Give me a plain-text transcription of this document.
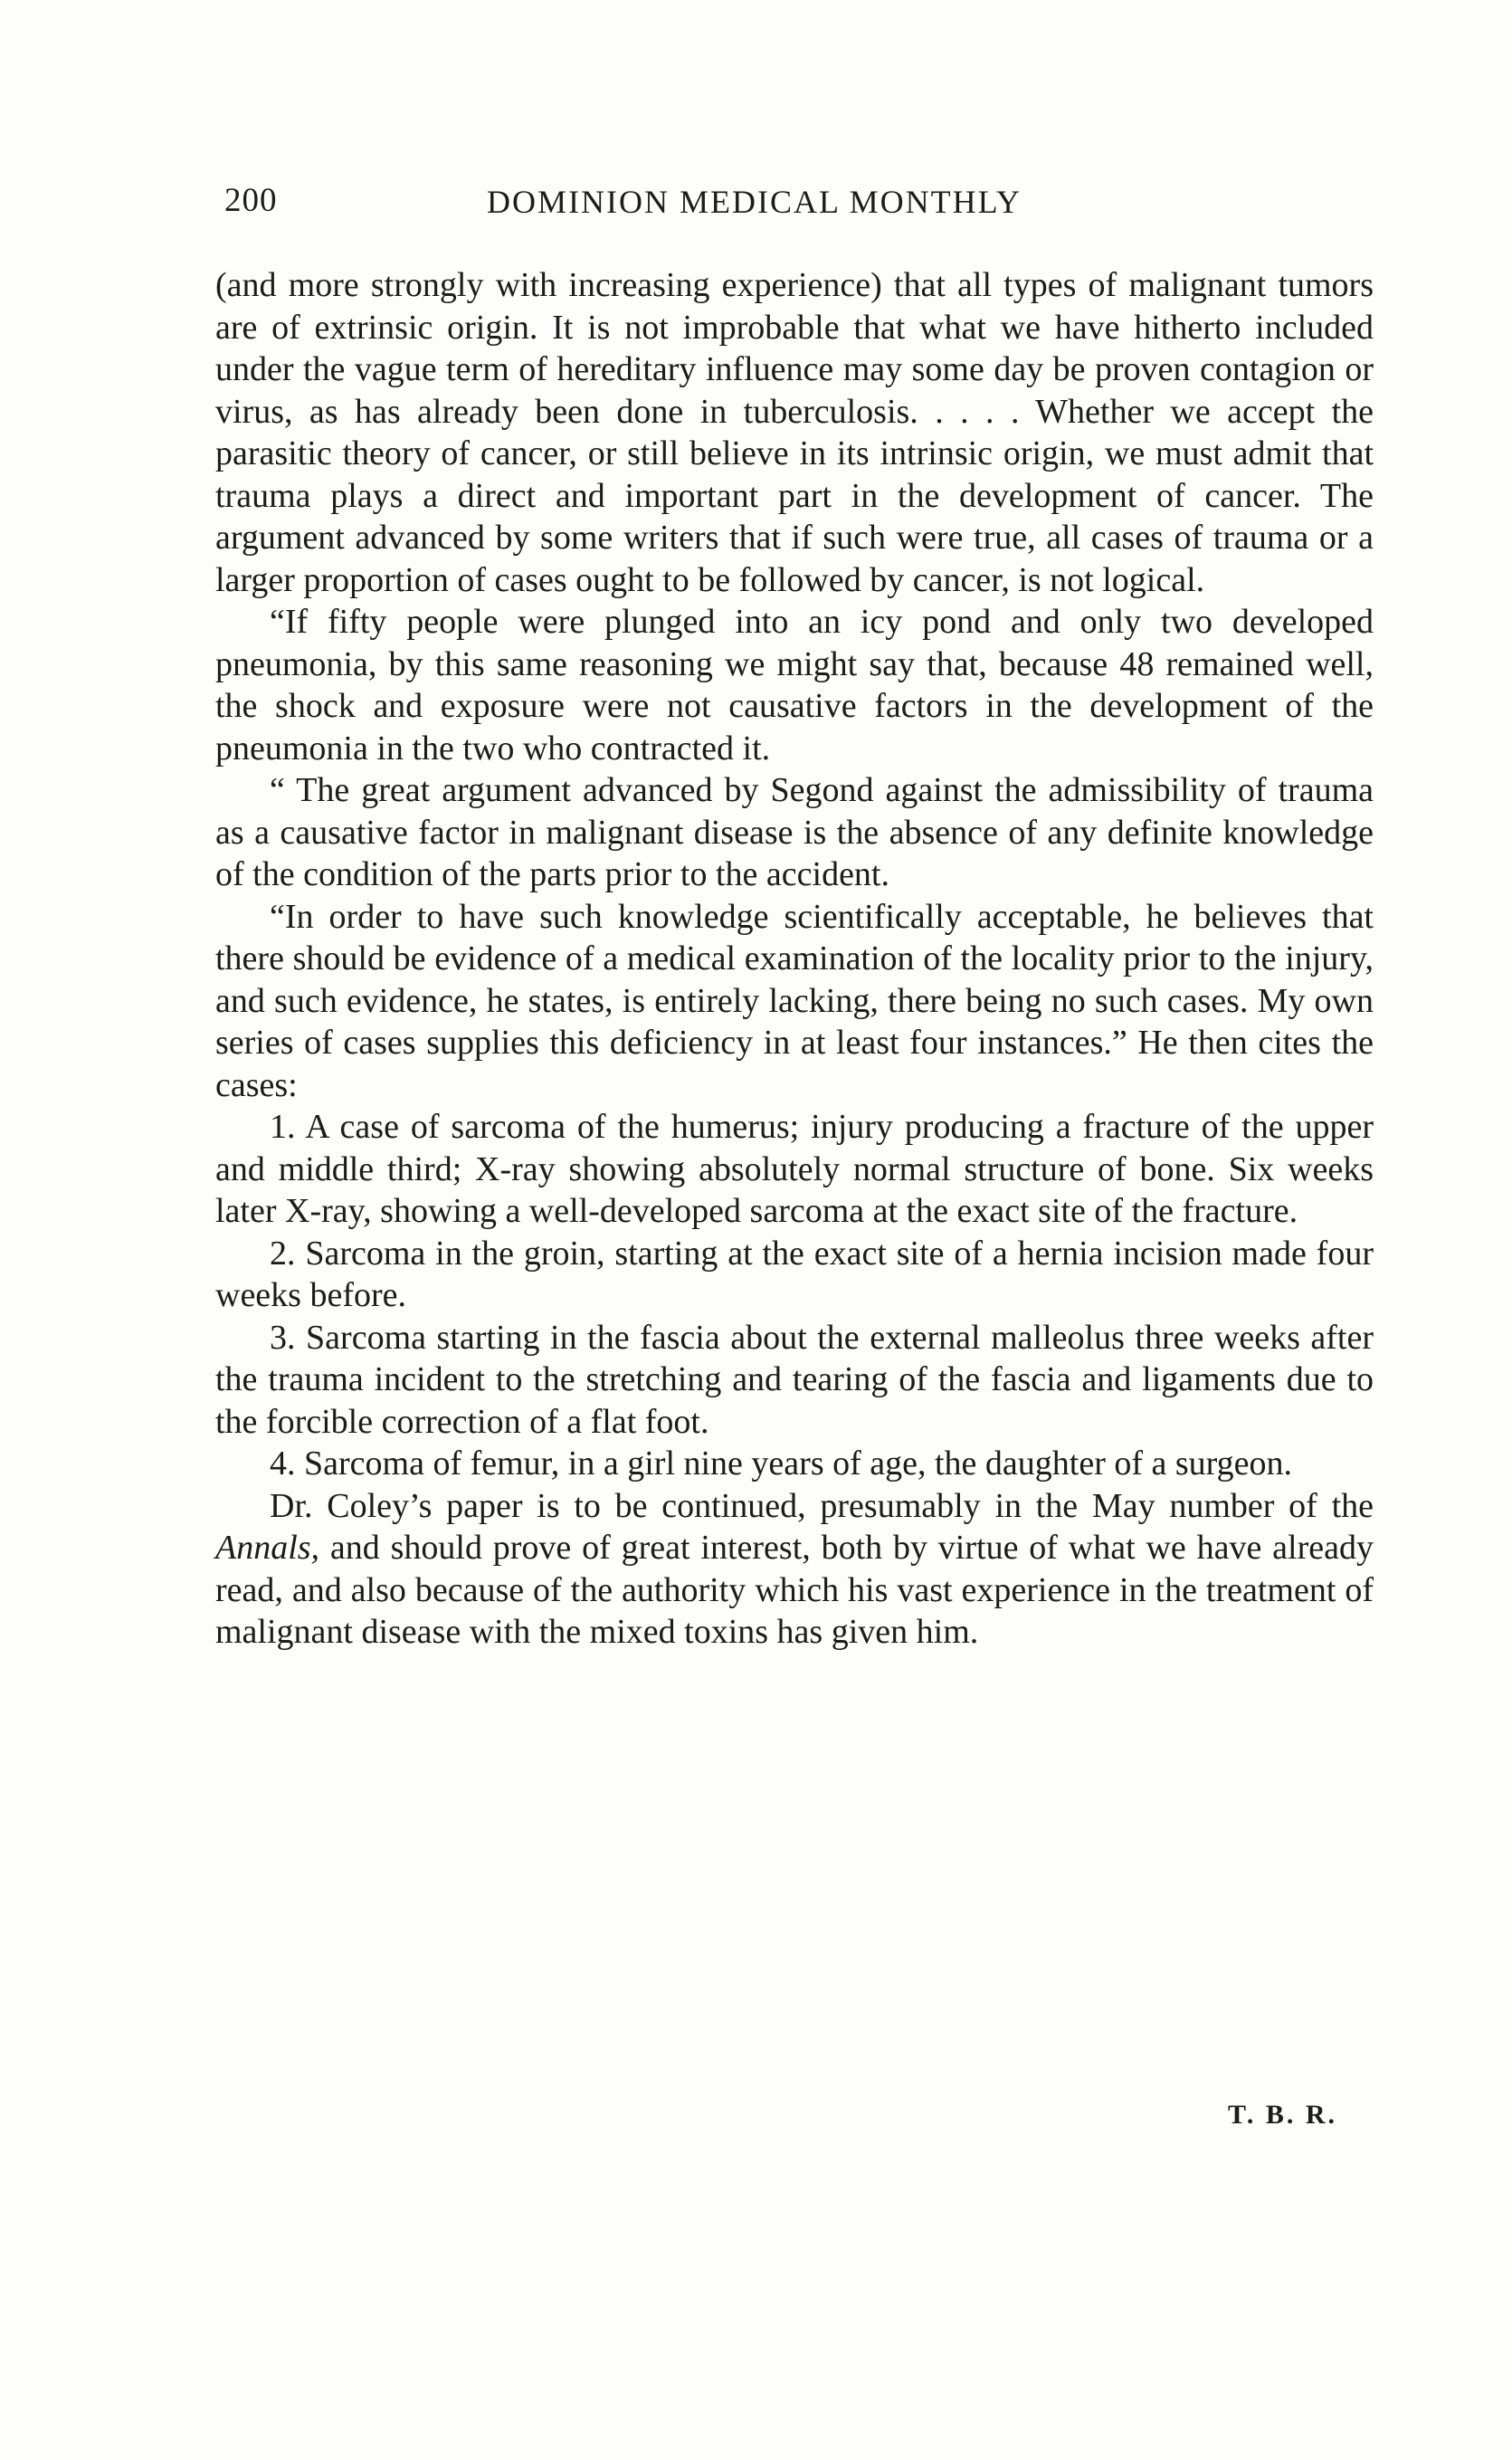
200	DOMINION MEDICAL MONTHLY

(and more strongly with increasing experience) that all types of malignant tumors are of extrinsic origin. It is not improbable that what we have hitherto included under the vague term of hereditary influence may some day be proven contagion or virus, as has already been done in tuberculosis. . . . . Whether we accept the parasitic theory of cancer, or still believe in its intrinsic origin, we must admit that trauma plays a direct and important part in the development of cancer. The argument advanced by some writers that if such were true, all cases of trauma or a larger proportion of cases ought to be followed by cancer, is not logical.

“If fifty people were plunged into an icy pond and only two developed pneumonia, by this same reasoning we might say that, because 48 remained well, the shock and exposure were not causative factors in the development of the pneumonia in the two who contracted it.

“ The great argument advanced by Segond against the admissibility of trauma as a causative factor in malignant disease is the absence of any definite knowledge of the condition of the parts prior to the accident.

“In order to have such knowledge scientifically acceptable, he believes that there should be evidence of a medical examination of the locality prior to the injury, and such evidence, he states, is entirely lacking, there being no such cases. My own series of cases supplies this deficiency in at least four instances.” He then cites the cases:

1. A case of sarcoma of the humerus; injury producing a fracture of the upper and middle third; X-ray showing absolutely normal structure of bone. Six weeks later X-ray, showing a well-developed sarcoma at the exact site of the fracture.

2. Sarcoma in the groin, starting at the exact site of a hernia incision made four weeks before.

3. Sarcoma starting in the fascia about the external malleolus three weeks after the trauma incident to the stretching and tearing of the fascia and ligaments due to the forcible correction of a flat foot.

4. Sarcoma of femur, in a girl nine years of age, the daughter of a surgeon.

Dr. Coley’s paper is to be continued, presumably in the May number of the Annals, and should prove of great interest, both by virtue of what we have already read, and also because of the authority which his vast experience in the treatment of malignant disease with the mixed toxins has given him.

T. B. R.
